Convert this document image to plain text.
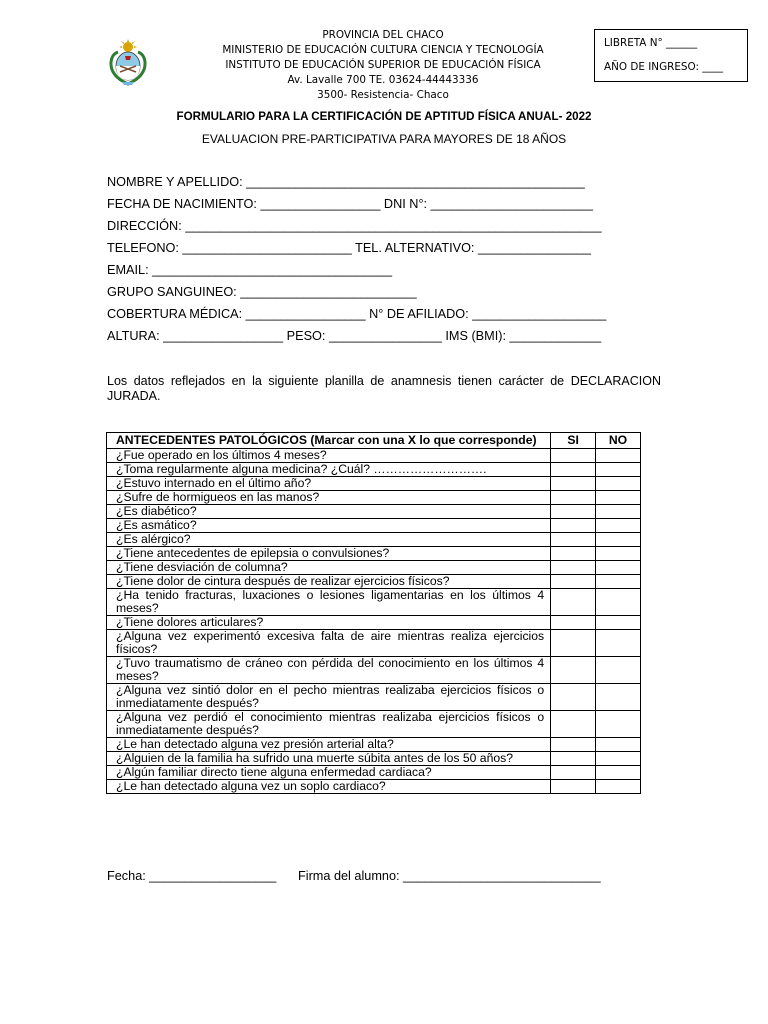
PROVINCIA DEL CHACO
MINISTERIO DE EDUCACIÓN CULTURA CIENCIA Y TECNOLOGÍA
INSTITUTO DE EDUCACIÓN SUPERIOR DE EDUCACIÓN FÍSICA
Av. Lavalle 700 TE. 03624-44443336
3500- Resistencia- Chaco
LIBRETA N° ______
AÑO DE INGRESO: ____
FORMULARIO PARA LA CERTIFICACIÓN DE APTITUD FÍSICA ANUAL- 2022
EVALUACION PRE-PARTICIPATIVA PARA MAYORES DE 18 AÑOS
NOMBRE Y APELLIDO: ________________________________________________
FECHA DE NACIMIENTO: _________________ DNI N°: _______________________
DIRECCIÓN: ___________________________________________________________
TELEFONO: ________________________ TEL. ALTERNATIVO: ________________
EMAIL: __________________________________
GRUPO SANGUINEO: _________________________
COBERTURA MÉDICA: _________________ N° DE AFILIADO: ___________________
ALTURA: _________________ PESO: ________________ IMS (BMI): _____________
Los datos reflejados en la siguiente planilla de anamnesis tienen carácter de DECLARACION JURADA.
ANTECEDENTES PATOLÓGICOS (Marcar con una X lo que corresponde)	SI	NO
¿Fue operado en los últimos 4 meses?		
¿Toma regularmente alguna medicina? ¿Cuál? ……………………….		
¿Estuvo internado en el último año?		
¿Sufre de hormigueos en las manos?		
¿Es diabético?		
¿Es asmático?		
¿Es alérgico?		
¿Tiene antecedentes de epilepsia o convulsiones?		
¿Tiene desviación de columna?		
¿Tiene dolor de cintura después de realizar ejercicios físicos?		
¿Ha tenido fracturas, luxaciones o lesiones ligamentarias en los últimos 4 meses?		
¿Tiene dolores articulares?		
¿Alguna vez experimentó excesiva falta de aire mientras realiza ejercicios físicos?		
¿Tuvo traumatismo de cráneo con pérdida del conocimiento en los últimos 4 meses?		
¿Alguna vez sintió dolor en el pecho mientras realizaba ejercicios físicos o inmediatamente después?		
¿Alguna vez perdió el conocimiento mientras realizaba ejercicios físicos o inmediatamente después?		
¿Le han detectado alguna vez presión arterial alta?		
¿Alguien de la familia ha sufrido una muerte súbita antes de los 50 años?		
¿Algún familiar directo tiene alguna enfermedad cardiaca?		
¿Le han detectado alguna vez un soplo cardiaco?		
Fecha: __________________ Firma del alumno: ____________________________
